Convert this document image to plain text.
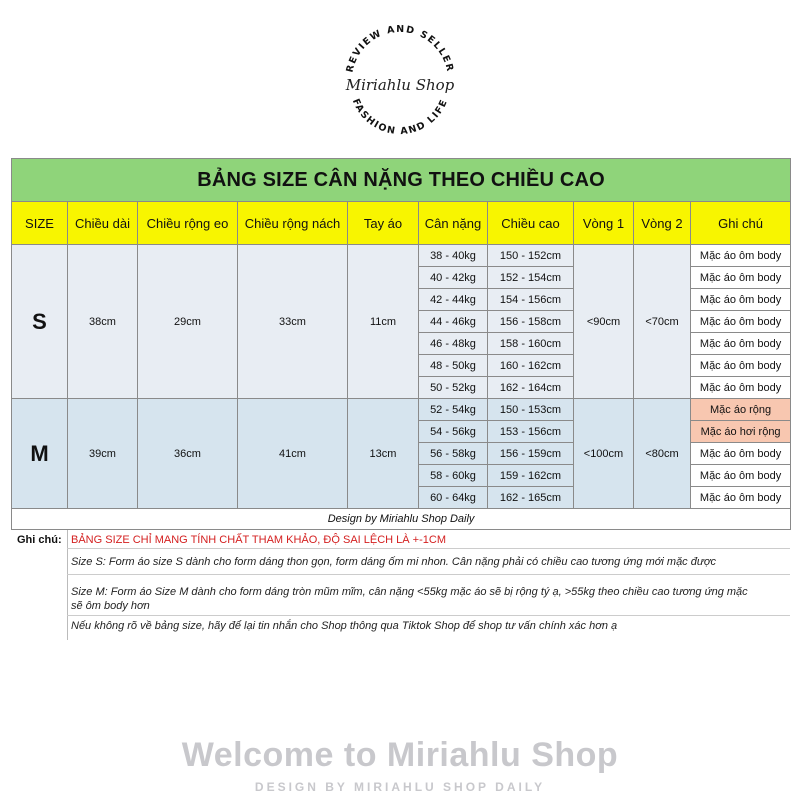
REVIEW AND SELLER
Miriahlu Shop
FASHION AND LIFE
BẢNG SIZE CÂN NẶNG THEO CHIỀU CAO									
SIZE	Chiều dài	Chiều rộng eo	Chiều rộng nách	Tay áo	Cân nặng	Chiều cao	Vòng 1	Vòng 2	Ghi chú
S	38cm	29cm	33cm	11cm	38 - 40kg	150 - 152cm	<90cm	<70cm	Mặc áo ôm body
					40 - 42kg	152 - 154cm			Mặc áo ôm body
					42 - 44kg	154 - 156cm			Mặc áo ôm body
					44 - 46kg	156 - 158cm			Mặc áo ôm body
					46 - 48kg	158 - 160cm			Mặc áo ôm body
					48 - 50kg	160 - 162cm			Mặc áo ôm body
					50 - 52kg	162 - 164cm			Mặc áo ôm body
M	39cm	36cm	41cm	13cm	52 - 54kg	150 - 153cm	<100cm	<80cm	Mặc áo rộng
					54 - 56kg	153 - 156cm			Mặc áo hơi rộng
					56 - 58kg	156 - 159cm			Mặc áo ôm body
					58 - 60kg	159 - 162cm			Mặc áo ôm body
					60 - 64kg	162 - 165cm			Mặc áo ôm body
Design by Miriahlu Shop Daily									
Ghi chú: BẢNG SIZE CHỈ MANG TÍNH CHẤT THAM KHẢO, ĐỘ SAI LỆCH LÀ +-1CM
Size S: Form áo size S dành cho form dáng thon gọn, form dáng ốm mi nhon. Cân nặng phải có chiều cao tương ứng mới mặc được
Size M: Form áo Size M dành cho form dáng tròn mũm mĩm, cân nặng <55kg mặc áo sẽ bị rộng tý ạ, >55kg theo chiều cao tương ứng mặc
sẽ ôm body hơn
Nếu không rõ về bảng size, hãy để lại tin nhắn cho Shop thông qua Tiktok Shop để shop tư vấn chính xác hơn ạ
Welcome to Miriahlu Shop
DESIGN BY MIRIAHLU SHOP DAILY
